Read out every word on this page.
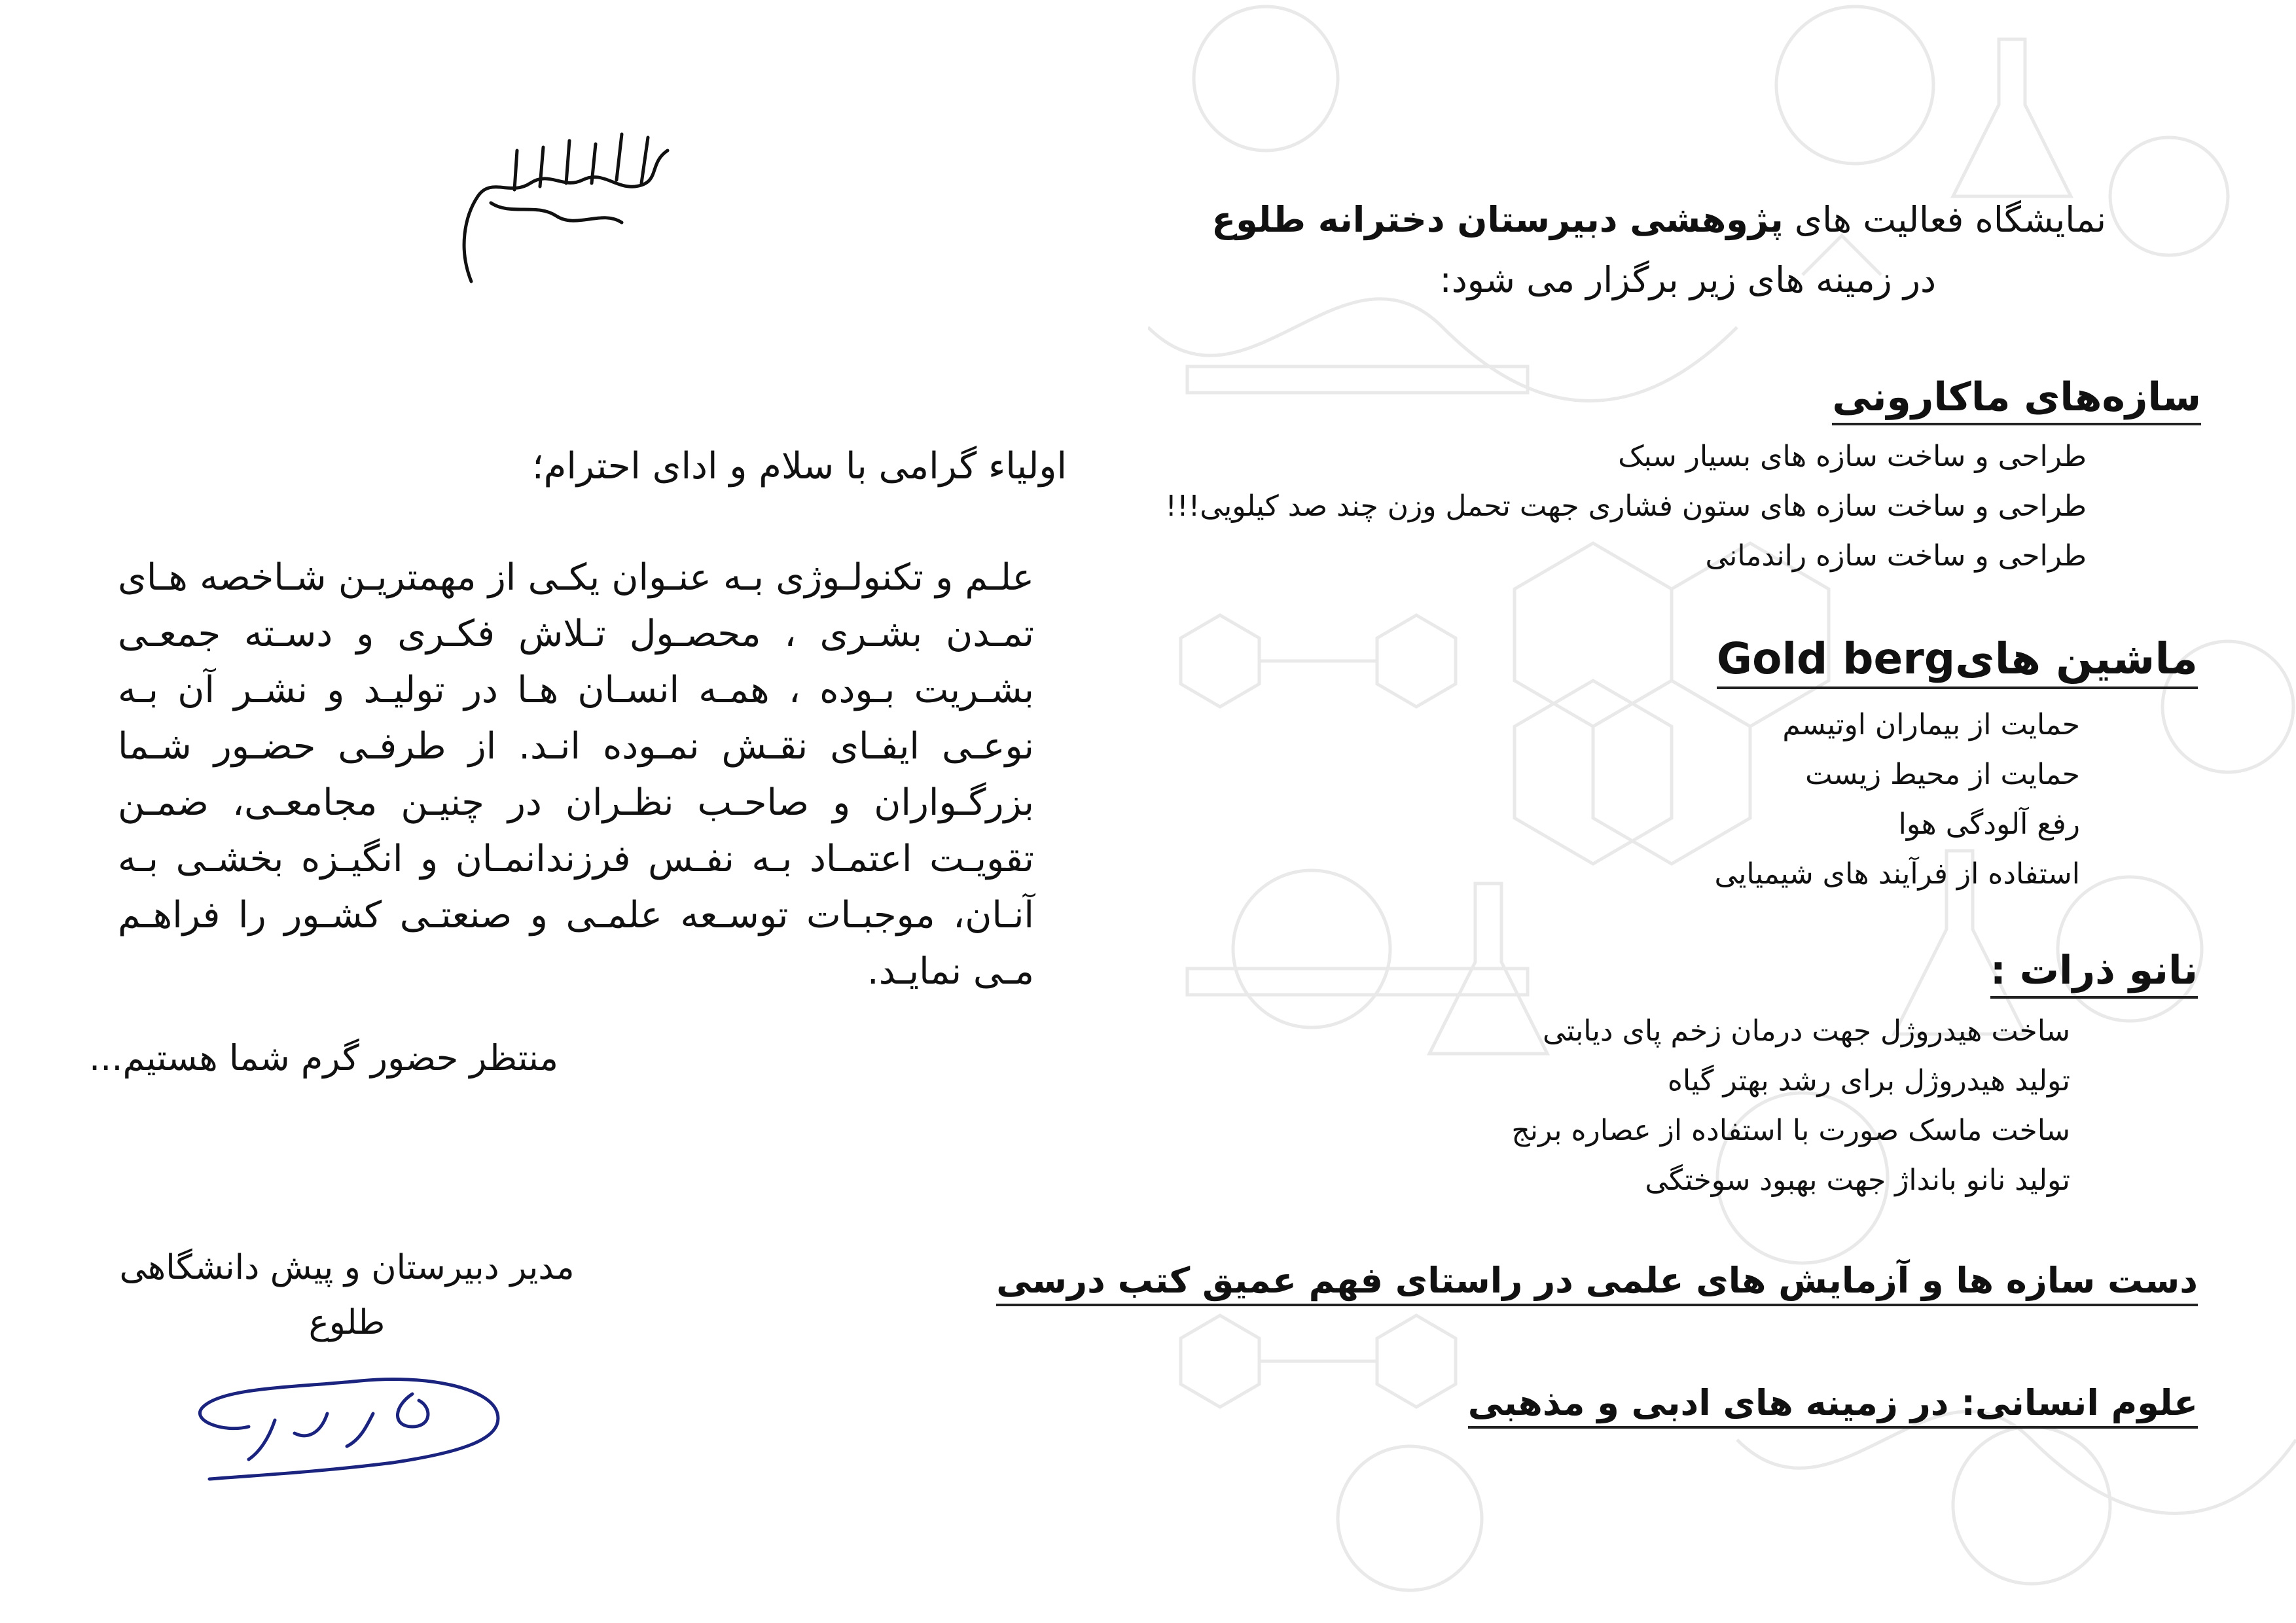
اولیاء گرامی با سلام و ادای احترام؛
علـم و تکنولـوژی بـه عنـوان یکـی از مهمتریـن شـاخصه هـای تمـدن بشـری ، محصـول تـلاش فکـری و دسـته جمعـی بشـریت بـوده ، همـه انسـان هـا در تولیـد و نشـر آن بـه نوعـی ایفـای نقـش نمـوده انـد. از طرفـی حضـور شـما بزرگـواران و صاحـب نظـران در چنیـن مجامعـی، ضمـن تقویـت اعتمـاد بـه نفـس فرزندانمـان و انگیـزه بخشـی بـه آنـان، موجبـات توسـعه علمـی و صنعتـی کشـور را فراهـم مـی نمایـد.
منتظر حضور گرم شما هستیم...
مدیر دبیرستان و پیش دانشگاهی
طلوع
نمایشگاه فعالیت های پژوهشی دبیرستان دخترانه طلوع
در زمینه های زیر برگزار می شود:
سازه‌های ماکارونی
طراحی و ساخت سازه های بسیار سبک
طراحی و ساخت سازه های ستون فشاری جهت تحمل وزن چند صد کیلویی!!!
طراحی و ساخت سازه راندمانی
ماشین هایGold berg
حمایت از بیماران اوتیسم
حمایت از محیط زیست
رفع آلودگی هوا
استفاده از فرآیند های شیمیایی
نانو ذرات :
ساخت هیدروژل جهت درمان زخم پای دیابتی
تولید هیدروژل برای رشد بهتر گیاه
ساخت ماسک صورت با استفاده از عصاره برنج
تولید نانو بانداژ جهت بهبود سوختگی
دست سازه ها و آزمایش های علمی در راستای فهم عمیق کتب درسی
علوم انسانی: در زمینه های ادبی و مذهبی
